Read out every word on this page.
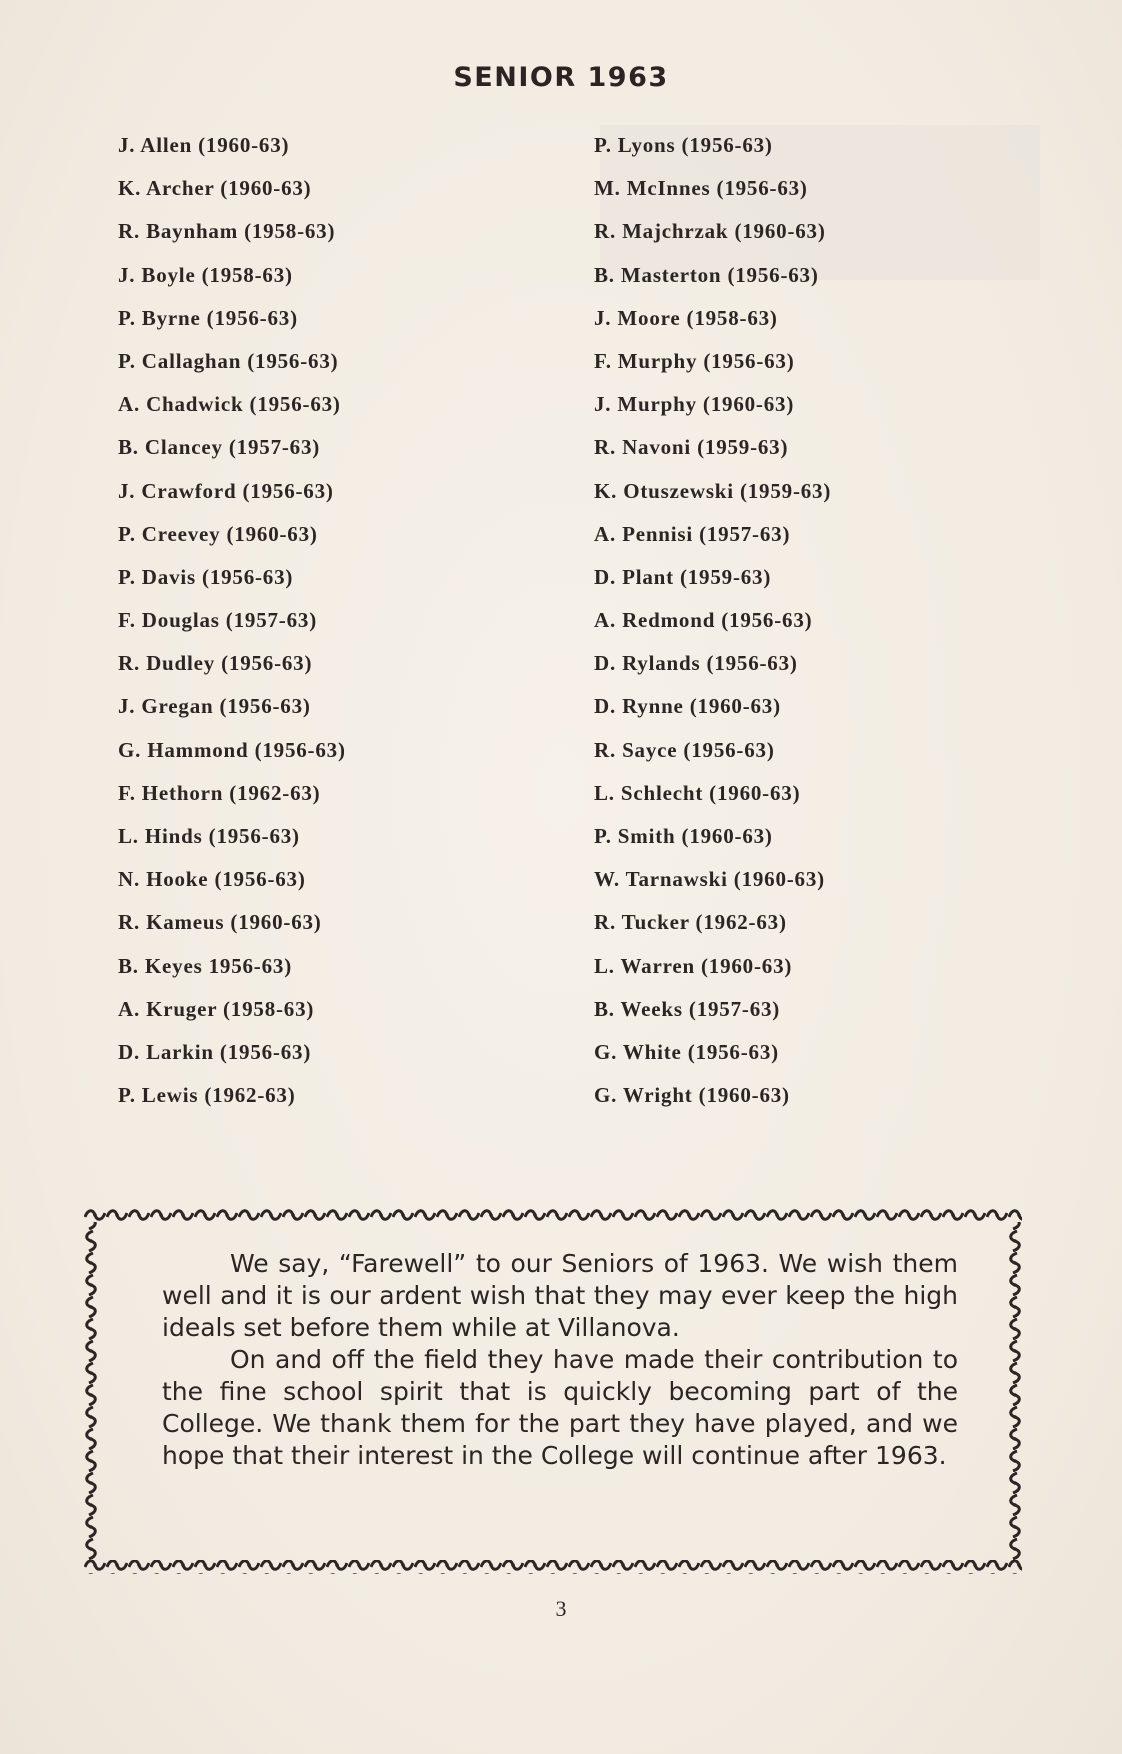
SENIOR 1963
J. Allen (1960-63)
K. Archer (1960-63)
R. Baynham (1958-63)
J. Boyle (1958-63)
P. Byrne (1956-63)
P. Callaghan (1956-63)
A. Chadwick (1956-63)
B. Clancey (1957-63)
J. Crawford (1956-63)
P. Creevey (1960-63)
P. Davis (1956-63)
F. Douglas (1957-63)
R. Dudley (1956-63)
J. Gregan (1956-63)
G. Hammond (1956-63)
F. Hethorn (1962-63)
L. Hinds (1956-63)
N. Hooke (1956-63)
R. Kameus (1960-63)
B. Keyes 1956-63)
A. Kruger (1958-63)
D. Larkin (1956-63)
P. Lewis (1962-63)
P. Lyons (1956-63)
M. McInnes (1956-63)
R. Majchrzak (1960-63)
B. Masterton (1956-63)
J. Moore (1958-63)
F. Murphy (1956-63)
J. Murphy (1960-63)
R. Navoni (1959-63)
K. Otuszewski (1959-63)
A. Pennisi (1957-63)
D. Plant (1959-63)
A. Redmond (1956-63)
D. Rylands (1956-63)
D. Rynne (1960-63)
R. Sayce (1956-63)
L. Schlecht (1960-63)
P. Smith (1960-63)
W. Tarnawski (1960-63)
R. Tucker (1962-63)
L. Warren (1960-63)
B. Weeks (1957-63)
G. White (1956-63)
G. Wright (1960-63)

We say, “Farewell” to our Seniors of 1963. We wish them well and it is our ardent wish that they may ever keep the high ideals set before them while at Villanova.

On and off the field they have made their contribution to the fine school spirit that is quickly becoming part of the College. We thank them for the part they have played, and we hope that their interest in the College will continue after 1963.

3
